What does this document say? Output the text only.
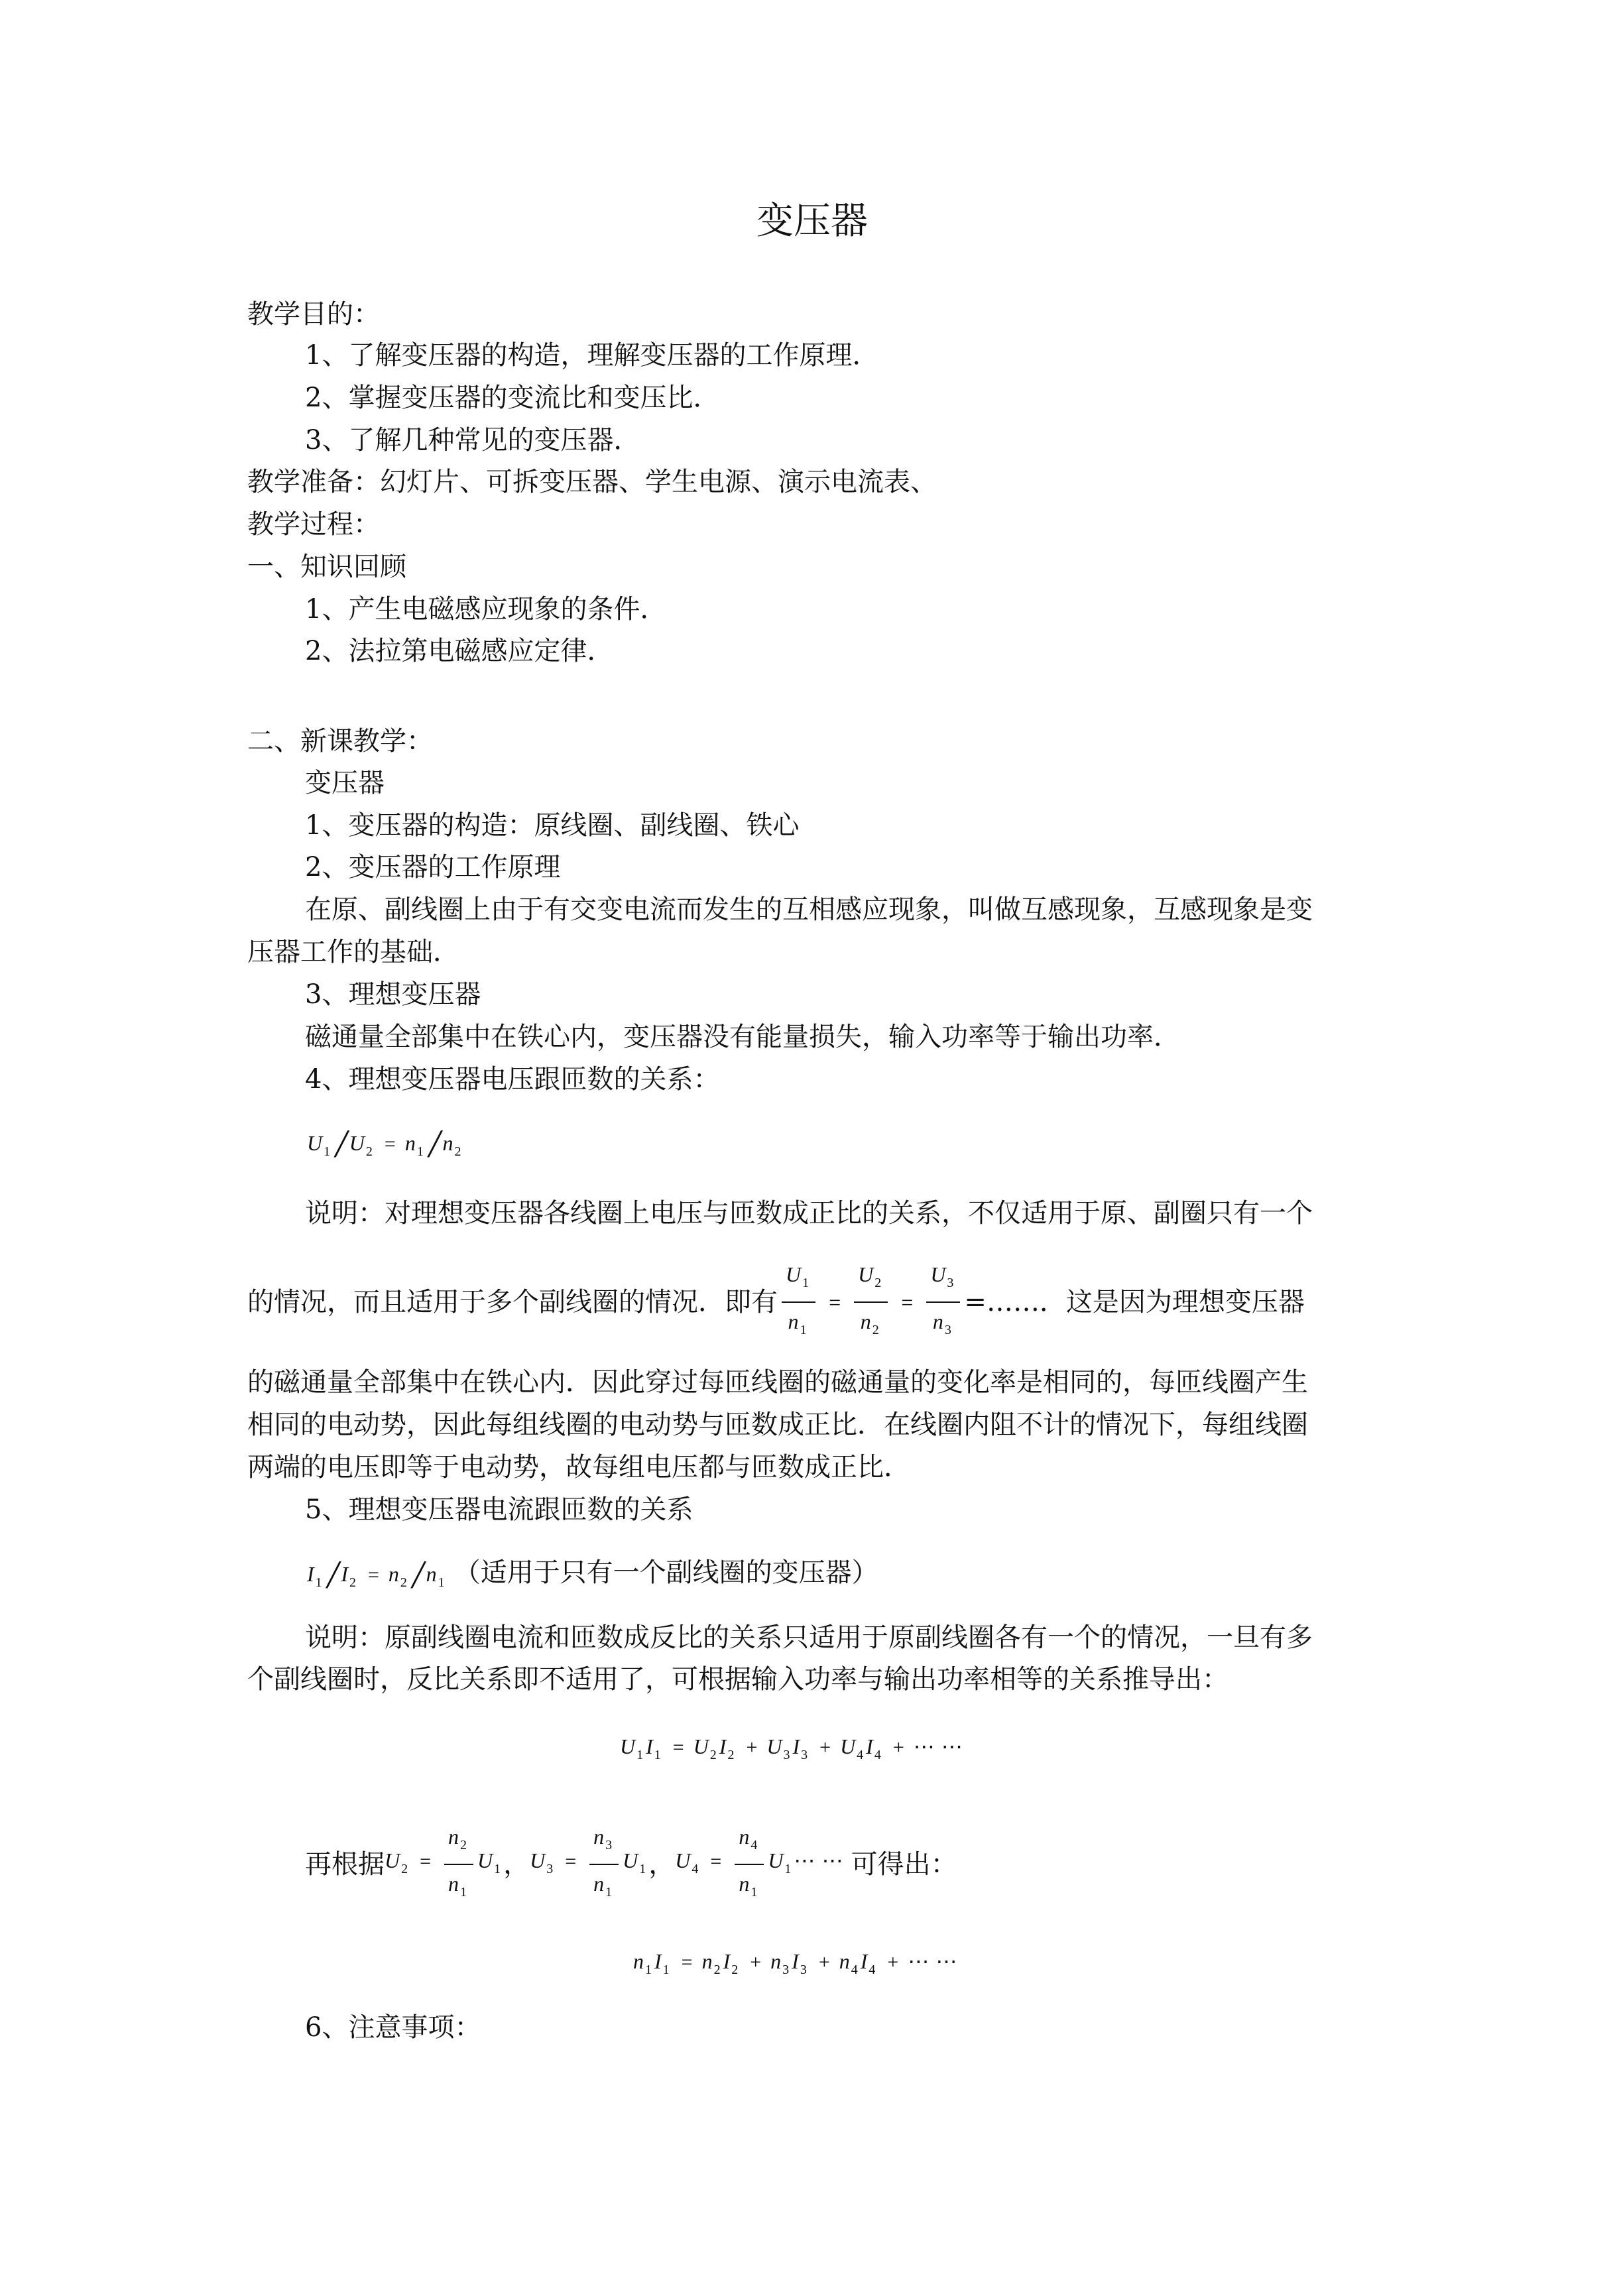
变压器
教学目的：
1、了解变压器的构造，理解变压器的工作原理．
2、掌握变压器的变流比和变压比．
3、了解几种常见的变压器．
教学准备：幻灯片、可拆变压器、学生电源、演示电流表、
教学过程：
一、知识回顾
1、产生电磁感应现象的条件．
2、法拉第电磁感应定律．
二、新课教学：
变压器
1、变压器的构造：原线圈、副线圈、铁心
2、变压器的工作原理
在原、副线圈上由于有交变电流而发生的互相感应现象，叫做互感现象，互感现象是变
压器工作的基础．
3、理想变压器
磁通量全部集中在铁心内，变压器没有能量损失，输入功率等于输出功率．
4、理想变压器电压跟匝数的关系：
U $_1$ / U $_2$ = n $_1$ / n $_2$
说明：对理想变压器各线圈上电压与匝数成正比的关系，不仅适用于原、副圈只有一个
的情况，而且适用于多个副线圈的情况．即有 $\frac{U _1}{n _1} = \frac{U _2}{n _2} = \frac{U _3}{n _3}$ =……．这是因为理想变压器
的磁通量全部集中在铁心内．因此穿过每匝线圈的磁通量的变化率是相同的，每匝线圈产生
相同的电动势，因此每组线圈的电动势与匝数成正比．在线圈内阻不计的情况下，每组线圈
两端的电压即等于电动势，故每组电压都与匝数成正比．
5、理想变压器电流跟匝数的关系
I $_1$ / I $_2$ = n $_2$ / n $_1$ （适用于只有一个副线圈的变压器）
说明：原副线圈电流和匝数成反比的关系只适用于原副线圈各有一个的情况，一旦有多
个副线圈时，反比关系即不适用了，可根据输入功率与输出功率相等的关系推导出：
U $_1$ I $_1$ = U $_2$ I $_2$ + U $_3$ I $_3$ + U $_4$ I $_4$ + ⋯ ⋯
再根据U $_2 = \frac{n _2}{n _1}$ U $_1$ ，U $_3 = \frac{n _3}{n _1}$ U $_1$ ，U $_4 = \frac{n _4}{n _1}$ U $_1$ ⋯ ⋯ 可得出：
n $_1$ I $_1$ = n $_2$ I $_2$ + n $_3$ I $_3$ + n $_4$ I $_4$ + ⋯ ⋯
6、注意事项：
